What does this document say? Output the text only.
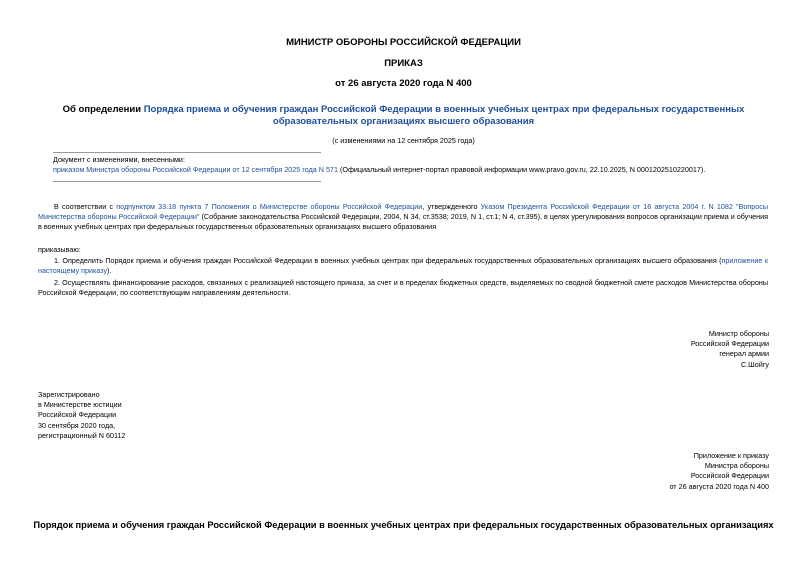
МИНИСТР ОБОРОНЫ РОССИЙСКОЙ ФЕДЕРАЦИИ
ПРИКАЗ
от 26 августа 2020 года N 400
Об определении Порядка приема и обучения граждан Российской Федерации в военных учебных центрах при федеральных государственных образовательных организациях высшего образования
(с изменениями на 12 сентября 2025 года)
Документ с изменениями, внесенными:
приказом Министра обороны Российской Федерации от 12 сентября 2025 года N 571 (Официальный интернет-портал правовой информации www.pravo.gov.ru, 22.10.2025, N 0001202510220017).
В соответствии с подпунктом 33.18 пункта 7 Положения о Министерстве обороны Российской Федерации, утвержденного Указом Президента Российской Федерации от 16 августа 2004 г. N 1082 "Вопросы Министерства обороны Российской Федерации" (Собрание законодательства Российской Федерации, 2004, N 34, ст.3538; 2019, N 1, ст.1; N 4, ст.395), в целях урегулирования вопросов организации приема и обучения в военных учебных центрах при федеральных государственных образовательных организациях высшего образования
приказываю:
1. Определить Порядок приема и обучения граждан Российской Федерации в военных учебных центрах при федеральных государственных образовательных организациях высшего образования (приложение к настоящему приказу).
2. Осуществлять финансирование расходов, связанных с реализацией настоящего приказа, за счет и в пределах бюджетных средств, выделяемых по сводной бюджетной смете расходов Министерства обороны Российской Федерации, по соответствующим направлениям деятельности.
Министр обороны
Российской Федерации
генерал армии
С.Шойгу
Зарегистрировано
в Министерстве юстиции
Российской Федерации
30 сентября 2020 года,
регистрационный N 60112
Приложение к приказу
Министра обороны
Российской Федерации
от 26 августа 2020 года N 400
Порядок приема и обучения граждан Российской Федерации в военных учебных центрах при федеральных государственных образовательных организациях
